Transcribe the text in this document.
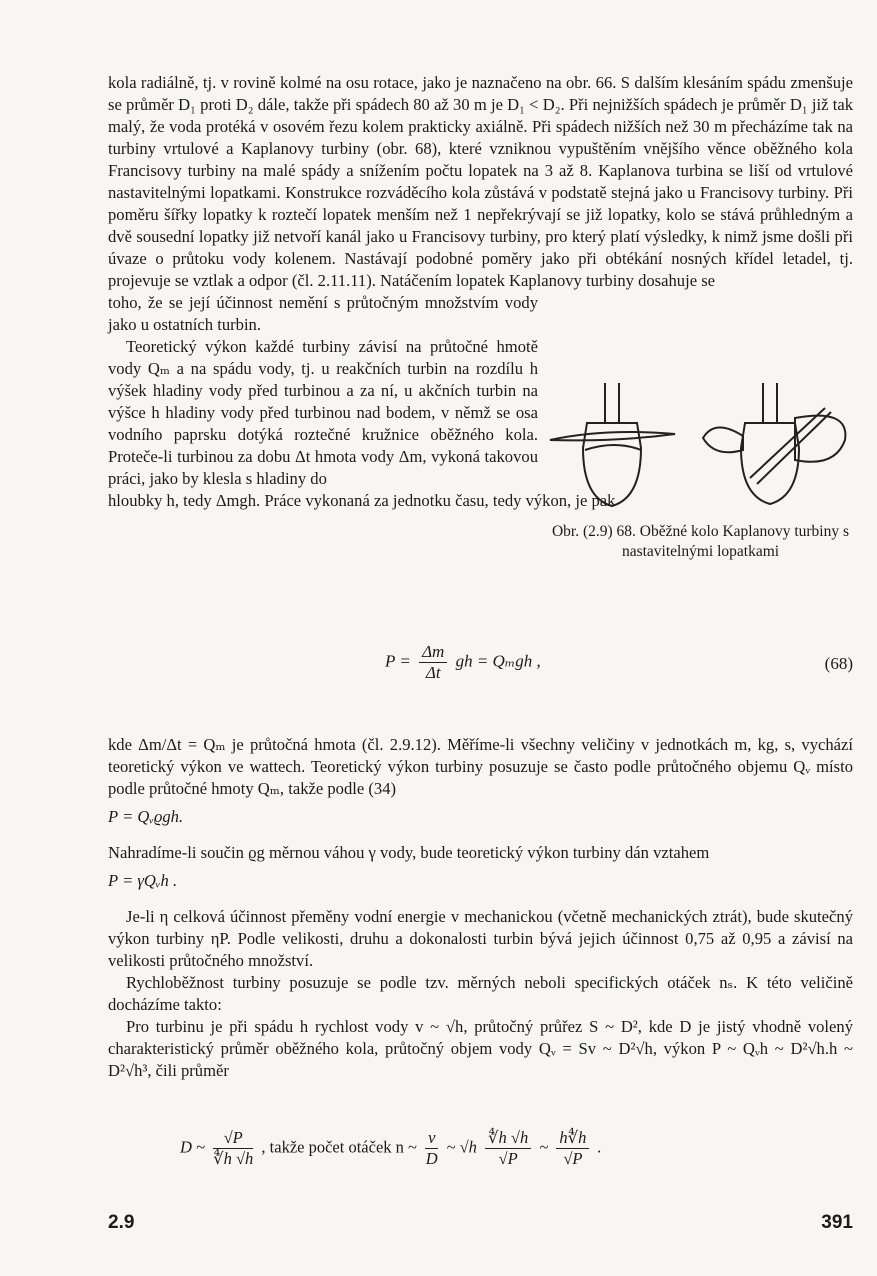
kola radiálně, tj. v rovině kolmé na osu rotace, jako je naznačeno na obr. 66. S dalším klesáním spádu zmenšuje se průměr D₁ proti D₂ dále, takže při spádech 80 až 30 m je D₁ < D₂. Při nejnižších spádech je průměr D₁ již tak malý, že voda protéká v osovém řezu kolem prakticky axiálně. Při spádech nižších než 30 m přecházíme tak na turbiny vrtulové a Kaplanovy turbiny (obr. 68), které vzniknou vypuštěním vnějšího věnce oběžného kola Francisovy turbiny na malé spády a snížením počtu lopatek na 3 až 8. Kaplanova turbina se liší od vrtulové nastavitelnými lopatkami. Konstrukce rozváděcího kola zůstává v podstatě stejná jako u Francisovy turbiny. Při poměru šířky lopatky k roztečí lopatek menším než 1 nepřekrývají se již lopatky, kolo se stává průhledným a dvě sousední lopatky již netvoří kanál jako u Francisovy turbiny, pro který platí výsledky, k nimž jsme došli při úvaze o průtoku vody kolenem. Nastávají podobné poměry jako při obtékání nosných křídel letadel, tj. projevuje se vztlak a odpor (čl. 2.11.11). Natáčením lopatek Kaplanovy turbiny dosahuje se

toho, že se její účinnost nemění s průtočným množstvím vody jako u ostatních turbin.

Teoretický výkon každé turbiny závisí na průtočné hmotě vody Qₘ a na spádu vody, tj. u reakčních turbin na rozdílu h výšek hladiny vody před turbinou a za ní, u akčních turbin na výšce h hladiny vody před turbinou nad bodem, v němž se osa vodního paprsku dotýká roztečné kružnice oběžného kola. Proteče-li turbinou za dobu Δt hmota vody Δm, vykoná takovou práci, jako by klesla s hladiny do

hloubky h, tedy Δmgh. Práce vykonaná za jednotku času, tedy výkon, je pak

Obr. (2.9) 68. Oběžné kolo Kaplanovy turbiny s nastavitelnými lopatkami
$P = \frac{\Delta m}{\Delta t}$ gh = Qₘgh ,	(68)

kde Δm/Δt = Qₘ je průtočná hmota (čl. 2.9.12). Měříme-li všechny veličiny v jednotkách m, kg, s, vychází teoretický výkon ve wattech. Teoretický výkon turbiny posuzuje se často podle průtočného objemu Qᵥ místo podle průtočné hmoty Qₘ, takže podle (34)

P = Qᵥϱgh.

Nahradíme-li součin ϱg měrnou váhou γ vody, bude teoretický výkon turbiny dán vztahem

P = γQᵥh .

Je-li η celková účinnost přeměny vodní energie v mechanickou (včetně mechanických ztrát), bude skutečný výkon turbiny ηP. Podle velikosti, druhu a dokonalosti turbin bývá jejich účinnost 0,75 až 0,95 a závisí na velikosti průtočného množství.

Rychloběžnost turbiny posuzuje se podle tzv. měrných neboli specifických otáček nₛ. K této veličině docházíme takto:

Pro turbinu je při spádu h rychlost vody v ~ √h, průtočný průřez S ~ D², kde D je jistý vhodně volený charakteristický průměr oběžného kola, průtočný objem vody Qᵥ = Sv ~ D²√h, výkon P ~ Qᵥh ~ D²√h.h ~ D²√h³, čili průměr

D ~ $\frac{√P}{∜h √h}$ , takže počet otáček n ~ $\frac{v}{D}$ ~ $√h \frac{∜h √h}{√P}$ ~ $\frac{h∜h}{√P}$ .
2.9	391
